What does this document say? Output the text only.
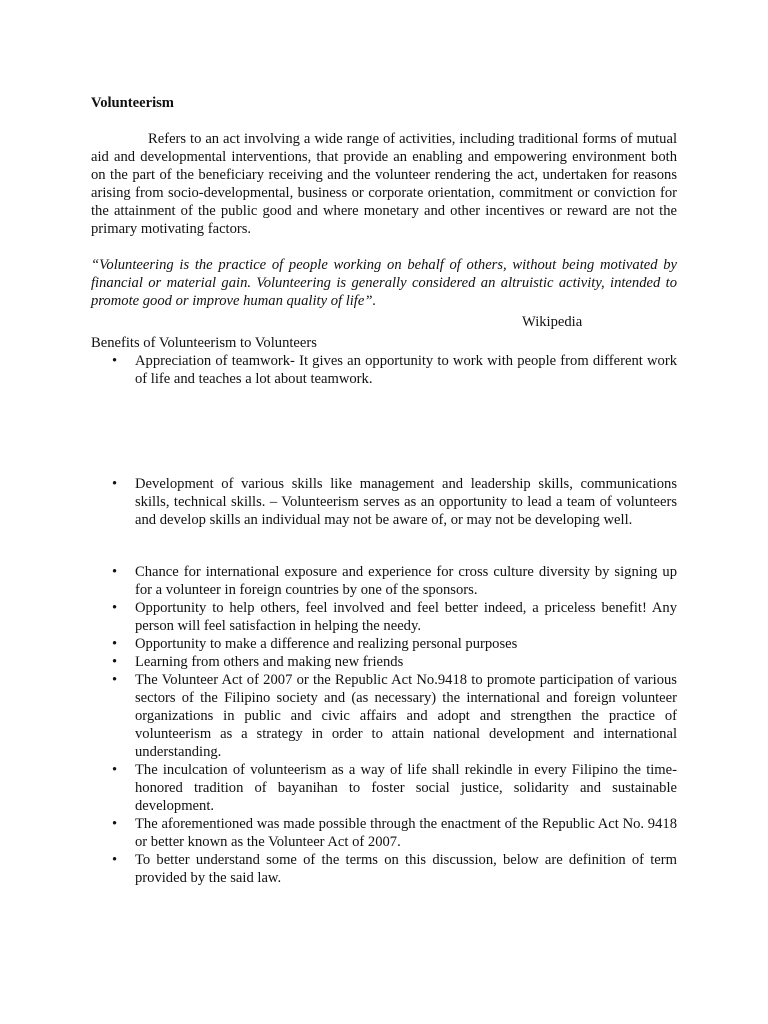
Volunteerism

Refers to an act involving a wide range of activities, including traditional forms of mutual aid and developmental interventions, that provide an enabling and empowering environment both on the part of the beneficiary receiving and the volunteer rendering the act, undertaken for reasons arising from socio-developmental, business or corporate orientation, commitment or conviction for the attainment of the public good and where monetary and other incentives or reward are not the primary motivating factors.

“Volunteering is the practice of people working on behalf of others, without being motivated by financial or material gain. Volunteering is generally considered an altruistic activity, intended to promote good or improve human quality of life”.

Wikipedia

Benefits of Volunteerism to Volunteers

• Appreciation of teamwork- It gives an opportunity to work with people from different work of life and teaches a lot about teamwork.
• Development of various skills like management and leadership skills, communications skills, technical skills. – Volunteerism serves as an opportunity to lead a team of volunteers and develop skills an individual may not be aware of, or may not be developing well.
• Chance for international exposure and experience for cross culture diversity by signing up for a volunteer in foreign countries by one of the sponsors.
• Opportunity to help others, feel involved and feel better indeed, a priceless benefit! Any person will feel satisfaction in helping the needy.
• Opportunity to make a difference and realizing personal purposes
• Learning from others and making new friends
• The Volunteer Act of 2007 or the Republic Act No.9418 to promote participation of various sectors of the Filipino society and (as necessary) the international and foreign volunteer organizations in public and civic affairs and adopt and strengthen the practice of volunteerism as a strategy in order to attain national development and international understanding.
• The inculcation of volunteerism as a way of life shall rekindle in every Filipino the time-honored tradition of bayanihan to foster social justice, solidarity and sustainable development.
• The aforementioned was made possible through the enactment of the Republic Act No. 9418 or better known as the Volunteer Act of 2007.
• To better understand some of the terms on this discussion, below are definition of term provided by the said law.
